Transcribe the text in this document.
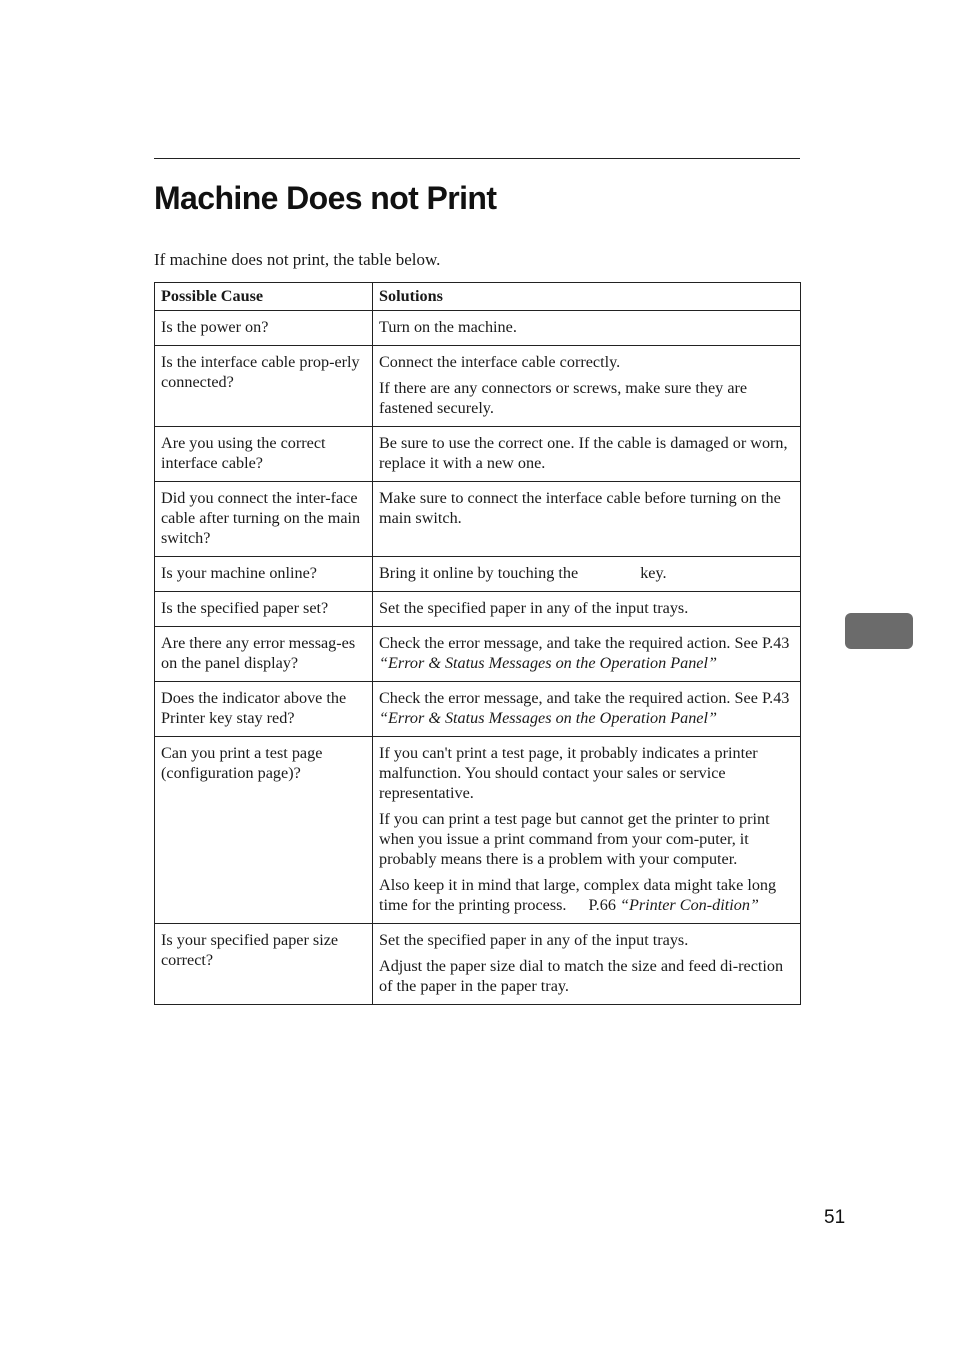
Machine Does not Print

If machine does not print, the table below.

Possible Cause	Solutions
Is the power on?	Turn on the machine.

Is the interface cable prop-erly connected?	Connect the interface cable correctly.

If there are any connectors or screws, make sure they are fastened securely.

Are you using the correct interface cable?	Be sure to use the correct one. If the cable is damaged or worn, replace it with a new one.

Did you connect the inter-face cable after turning on the main switch?	Make sure to connect the interface cable before turning on the main switch.

Is your machine online?	Bring it online by touching the key.
Is the specified paper set?	Set the specified paper in any of the input trays.

Are there any error messag-es on the panel display?	Check the error message, and take the required action. See P.43 “Error & Status Messages on the Operation Panel”
Does the indicator above the Printer key stay red?	Check the error message, and take the required action. See P.43 “Error & Status Messages on the Operation Panel”
Can you print a test page (configuration page)?	If you can't print a test page, it probably indicates a printer malfunction. You should contact your sales or service representative.

If you can print a test page but cannot get the printer to print when you issue a print command from your com-puter, it probably means there is a problem with your computer.

Also keep it in mind that large, complex data might take long time for the printing process. P.66 “Printer Con-dition”

Is your specified paper size correct?	Set the specified paper in any of the input trays.

Adjust the paper size dial to match the size and feed di-rection of the paper in the paper tray.

51
